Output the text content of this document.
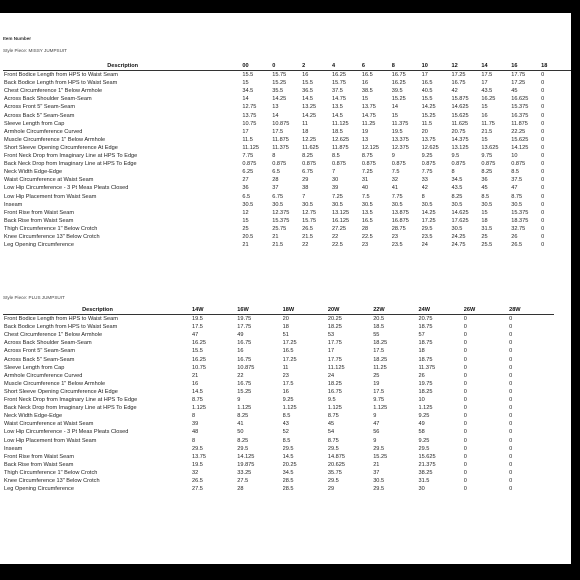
Item Number
Style Piece: MISSY JUMPSUIT
Description	00	0	2	4	6	8	10	12	14	16	18
Front Bodice Length from HPS to Waist Seam	15.5	15.75	16	16.25	16.5	16.75	17	17.25	17.5	17.75	0
Back Bodice Length from HPS to Waist Seam	15	15.25	15.5	15.75	16	16.25	16.5	16.75	17	17.25	0
Chest Circumference 1" Below Armhole	34.5	35.5	36.5	37.5	38.5	39.5	40.5	42	43.5	45	0
Across Back Shoulder Seam-Seam	14	14.25	14.5	14.75	15	15.25	15.5	15.875	16.25	16.625	0
Across Front 5" Seam-Seam	12.75	13	13.25	13.5	13.75	14	14.25	14.625	15	15.375	0
Across Back 5" Seam-Seam	13.75	14	14.25	14.5	14.75	15	15.25	15.625	16	16.375	0
Sleeve Length from Cap	10.75	10.875	11	11.125	11.25	11.375	11.5	11.625	11.75	11.875	0
Armhole Circumference Curved	17	17.5	18	18.5	19	19.5	20	20.75	21.5	22.25	0
Muscle Circumference 1" Below Armhole	11.5	11.875	12.25	12.625	13	13.375	13.75	14.375	15	15.625	0
Short Sleeve Opening Circumference At Edge	11.125	11.375	11.625	11.875	12.125	12.375	12.625	13.125	13.625	14.125	0
Front Neck Drop from Imaginary Line at HPS To Edge	7.75	8	8.25	8.5	8.75	9	9.25	9.5	9.75	10	0
Back Neck Drop from Imaginary Line at HPS To Edge	0.875	0.875	0.875	0.875	0.875	0.875	0.875	0.875	0.875	0.875	0
Neck Width Edge-Edge	6.25	6.5	6.75	7	7.25	7.5	7.75	8	8.25	8.5	0
Waist Circumference at Waist Seam	27	28	29	30	31	32	33	34.5	36	37.5	0
Low Hip Circumference - 3 Pt Meas Pleats Closed	36	37	38	39	40	41	42	43.5	45	47	0
Low Hip Placement from Waist Seam	6.5	6.75	7	7.25	7.5	7.75	8	8.25	8.5	8.75	0
Inseam	30.5	30.5	30.5	30.5	30.5	30.5	30.5	30.5	30.5	30.5	0
Front Rise from Waist Seam	12	12.375	12.75	13.125	13.5	13.875	14.25	14.625	15	15.375	0
Back Rise from Waist Seam	15	15.375	15.75	16.125	16.5	16.875	17.25	17.625	18	18.375	0
Thigh Circumference 1" Below Crotch	25	25.75	26.5	27.25	28	28.75	29.5	30.5	31.5	32.75	0
Knee Circumference 13" Below Crotch	20.5	21	21.5	22	22.5	23	23.5	24.25	25	26	0
Leg Opening Circumference	21	21.5	22	22.5	23	23.5	24	24.75	25.5	26.5	0
Style Piece: PLUS JUMPSUIT
Description	14W	16W	18W	20W	22W	24W	26W	28W
Front Bodice Length from HPS to Waist Seam	19.5	19.75	20	20.25	20.5	20.75	0	0
Back Bodice Length from HPS to Waist Seam	17.5	17.75	18	18.25	18.5	18.75	0	0
Chest Circumference 1" Below Armhole	47	49	51	53	55	57	0	0
Across Back Shoulder Seam-Seam	16.25	16.75	17.25	17.75	18.25	18.75	0	0
Across Front 5" Seam-Seam	15.5	16	16.5	17	17.5	18	0	0
Across Back 5" Seam-Seam	16.25	16.75	17.25	17.75	18.25	18.75	0	0
Sleeve Length from Cap	10.75	10.875	11	11.125	11.25	11.375	0	0
Armhole Circumference Curved	21	22	23	24	25	26	0	0
Muscle Circumference 1" Below Armhole	16	16.75	17.5	18.25	19	19.75	0	0
Short Sleeve Opening Circumference At Edge	14.5	15.25	16	16.75	17.5	18.25	0	0
Front Neck Drop from Imaginary Line at HPS To Edge	8.75	9	9.25	9.5	9.75	10	0	0
Back Neck Drop from Imaginary Line at HPS To Edge	1.125	1.125	1.125	1.125	1.125	1.125	0	0
Neck Width Edge-Edge	8	8.25	8.5	8.75	9	9.25	0	0
Waist Circumference at Waist Seam	39	41	43	45	47	49	0	0
Low Hip Circumference - 3 Pt Meas Pleats Closed	48	50	52	54	56	58	0	0
Low Hip Placement from Waist Seam	8	8.25	8.5	8.75	9	9.25	0	0
Inseam	29.5	29.5	29.5	29.5	29.5	29.5	0	0
Front Rise from Waist Seam	13.75	14.125	14.5	14.875	15.25	15.625	0	0
Back Rise from Waist Seam	19.5	19.875	20.25	20.625	21	21.375	0	0
Thigh Circumference 1" Below Crotch	32	33.25	34.5	35.75	37	38.25	0	0
Knee Circumference 13" Below Crotch	26.5	27.5	28.5	29.5	30.5	31.5	0	0
Leg Opening Circumference	27.5	28	28.5	29	29.5	30	0	0
